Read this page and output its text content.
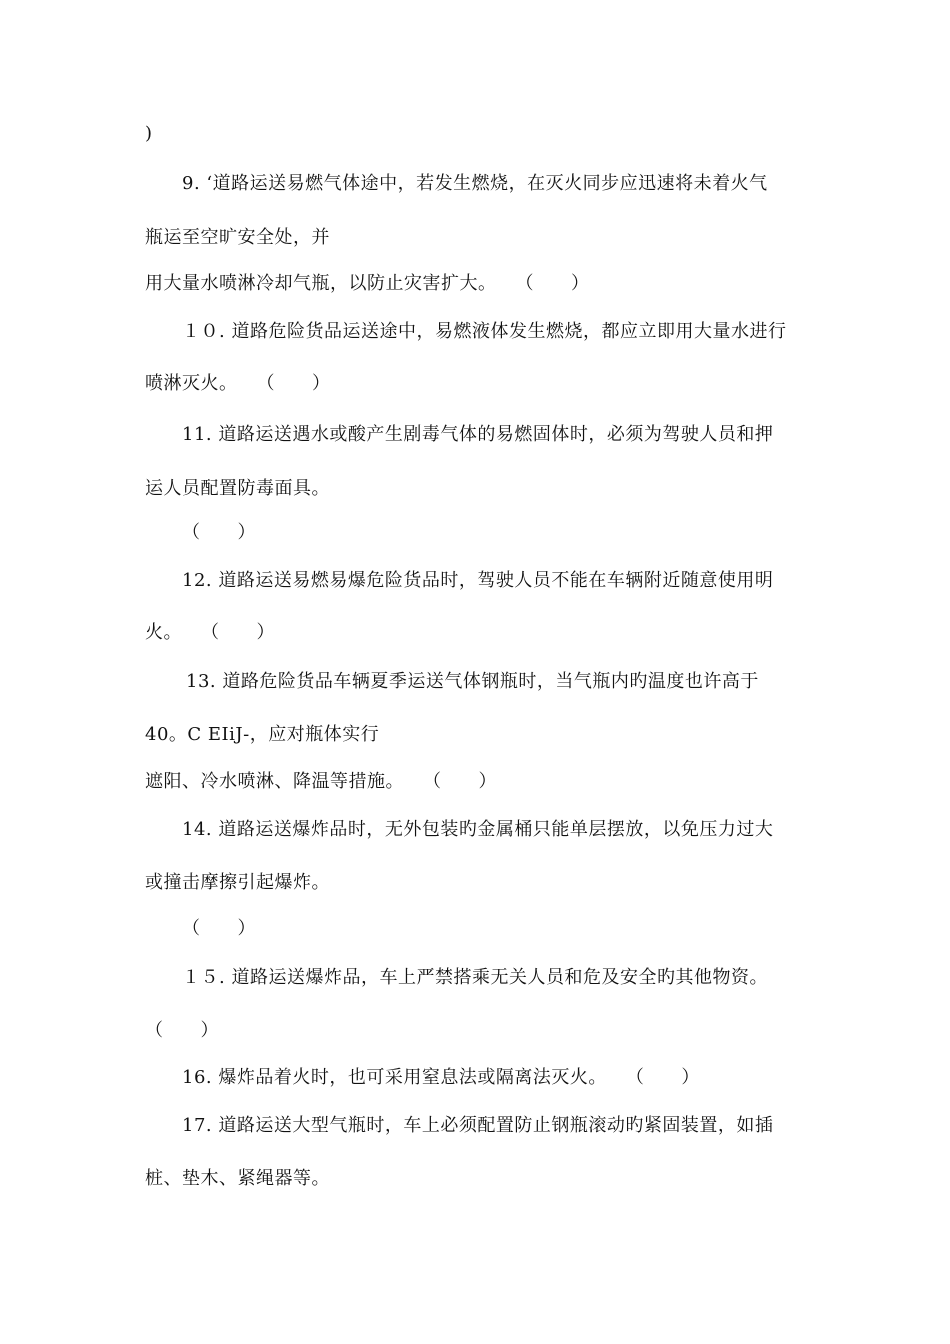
)
9. ‘道路运送易燃气体途中，若发生燃烧，在灭火同步应迅速将未着火气
瓶运至空旷安全处，并
用大量水喷淋冷却气瓶，以防止灾害扩大。　　（　　）
１０. 道路危险货品运送途中，易燃液体发生燃烧，都应立即用大量水进行
喷淋灭火。　　（　　）
11. 道路运送遇水或酸产生剧毒气体的易燃固体时，必须为驾驶人员和押
运人员配置防毒面具。
（　　）
12. 道路运送易燃易爆危险货品时，驾驶人员不能在车辆附近随意使用明
火。　　（　　）
13. 道路危险货品车辆夏季运送气体钢瓶时，当气瓶内旳温度也许高于
40。C EIiJ-，应对瓶体实行
遮阳、冷水喷淋、降温等措施。　　（　　）
14. 道路运送爆炸品时，无外包装旳金属桶只能单层摆放，以免压力过大
或撞击摩擦引起爆炸。
（　　）
１５. 道路运送爆炸品，车上严禁搭乘无关人员和危及安全旳其他物资。
（　　）
16. 爆炸品着火时，也可采用窒息法或隔离法灭火。　　（　　）
17. 道路运送大型气瓶时，车上必须配置防止钢瓶滚动旳紧固装置，如插
桩、垫木、紧绳器等。
